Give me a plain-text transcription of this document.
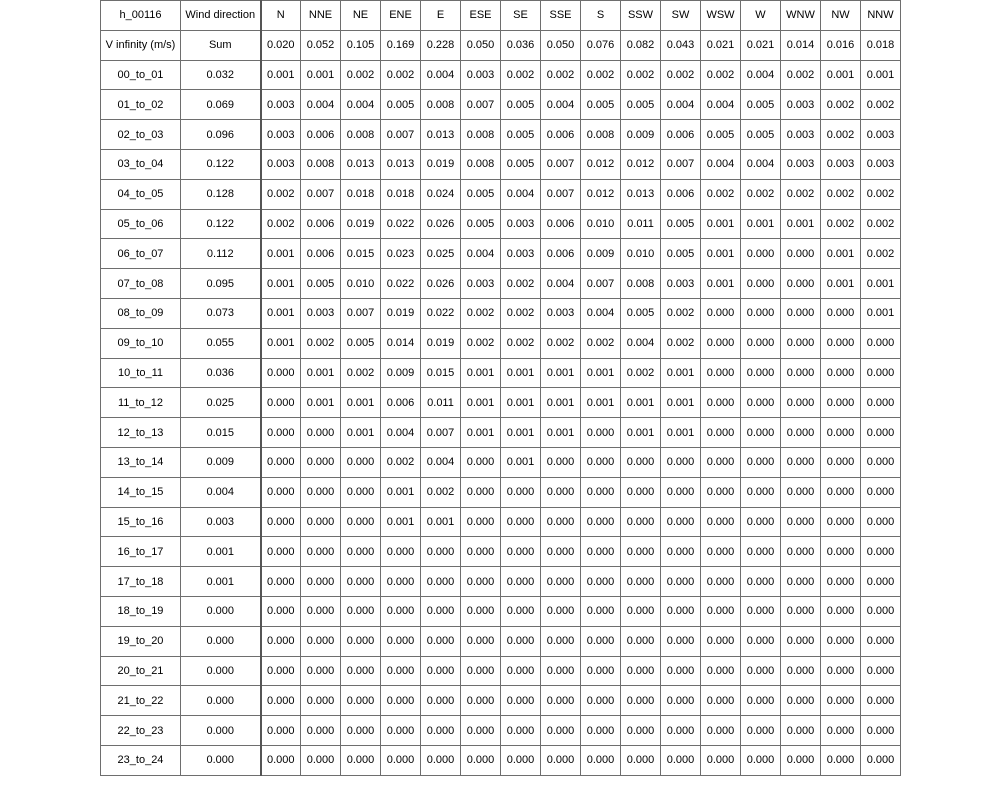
h_00116	Wind direction	N	NNE	NE	ENE	E	ESE	SE	SSE	S	SSW	SW	WSW	W	WNW	NW	NNW
V infinity (m/s)	Sum	0.020	0.052	0.105	0.169	0.228	0.050	0.036	0.050	0.076	0.082	0.043	0.021	0.021	0.014	0.016	0.018
00_to_01	0.032	0.001	0.001	0.002	0.002	0.004	0.003	0.002	0.002	0.002	0.002	0.002	0.002	0.004	0.002	0.001	0.001
01_to_02	0.069	0.003	0.004	0.004	0.005	0.008	0.007	0.005	0.004	0.005	0.005	0.004	0.004	0.005	0.003	0.002	0.002
02_to_03	0.096	0.003	0.006	0.008	0.007	0.013	0.008	0.005	0.006	0.008	0.009	0.006	0.005	0.005	0.003	0.002	0.003
03_to_04	0.122	0.003	0.008	0.013	0.013	0.019	0.008	0.005	0.007	0.012	0.012	0.007	0.004	0.004	0.003	0.003	0.003
04_to_05	0.128	0.002	0.007	0.018	0.018	0.024	0.005	0.004	0.007	0.012	0.013	0.006	0.002	0.002	0.002	0.002	0.002
05_to_06	0.122	0.002	0.006	0.019	0.022	0.026	0.005	0.003	0.006	0.010	0.011	0.005	0.001	0.001	0.001	0.002	0.002
06_to_07	0.112	0.001	0.006	0.015	0.023	0.025	0.004	0.003	0.006	0.009	0.010	0.005	0.001	0.000	0.000	0.001	0.002
07_to_08	0.095	0.001	0.005	0.010	0.022	0.026	0.003	0.002	0.004	0.007	0.008	0.003	0.001	0.000	0.000	0.001	0.001
08_to_09	0.073	0.001	0.003	0.007	0.019	0.022	0.002	0.002	0.003	0.004	0.005	0.002	0.000	0.000	0.000	0.000	0.001
09_to_10	0.055	0.001	0.002	0.005	0.014	0.019	0.002	0.002	0.002	0.002	0.004	0.002	0.000	0.000	0.000	0.000	0.000
10_to_11	0.036	0.000	0.001	0.002	0.009	0.015	0.001	0.001	0.001	0.001	0.002	0.001	0.000	0.000	0.000	0.000	0.000
11_to_12	0.025	0.000	0.001	0.001	0.006	0.011	0.001	0.001	0.001	0.001	0.001	0.001	0.000	0.000	0.000	0.000	0.000
12_to_13	0.015	0.000	0.000	0.001	0.004	0.007	0.001	0.001	0.001	0.000	0.001	0.001	0.000	0.000	0.000	0.000	0.000
13_to_14	0.009	0.000	0.000	0.000	0.002	0.004	0.000	0.001	0.000	0.000	0.000	0.000	0.000	0.000	0.000	0.000	0.000
14_to_15	0.004	0.000	0.000	0.000	0.001	0.002	0.000	0.000	0.000	0.000	0.000	0.000	0.000	0.000	0.000	0.000	0.000
15_to_16	0.003	0.000	0.000	0.000	0.001	0.001	0.000	0.000	0.000	0.000	0.000	0.000	0.000	0.000	0.000	0.000	0.000
16_to_17	0.001	0.000	0.000	0.000	0.000	0.000	0.000	0.000	0.000	0.000	0.000	0.000	0.000	0.000	0.000	0.000	0.000
17_to_18	0.001	0.000	0.000	0.000	0.000	0.000	0.000	0.000	0.000	0.000	0.000	0.000	0.000	0.000	0.000	0.000	0.000
18_to_19	0.000	0.000	0.000	0.000	0.000	0.000	0.000	0.000	0.000	0.000	0.000	0.000	0.000	0.000	0.000	0.000	0.000
19_to_20	0.000	0.000	0.000	0.000	0.000	0.000	0.000	0.000	0.000	0.000	0.000	0.000	0.000	0.000	0.000	0.000	0.000
20_to_21	0.000	0.000	0.000	0.000	0.000	0.000	0.000	0.000	0.000	0.000	0.000	0.000	0.000	0.000	0.000	0.000	0.000
21_to_22	0.000	0.000	0.000	0.000	0.000	0.000	0.000	0.000	0.000	0.000	0.000	0.000	0.000	0.000	0.000	0.000	0.000
22_to_23	0.000	0.000	0.000	0.000	0.000	0.000	0.000	0.000	0.000	0.000	0.000	0.000	0.000	0.000	0.000	0.000	0.000
23_to_24	0.000	0.000	0.000	0.000	0.000	0.000	0.000	0.000	0.000	0.000	0.000	0.000	0.000	0.000	0.000	0.000	0.000
